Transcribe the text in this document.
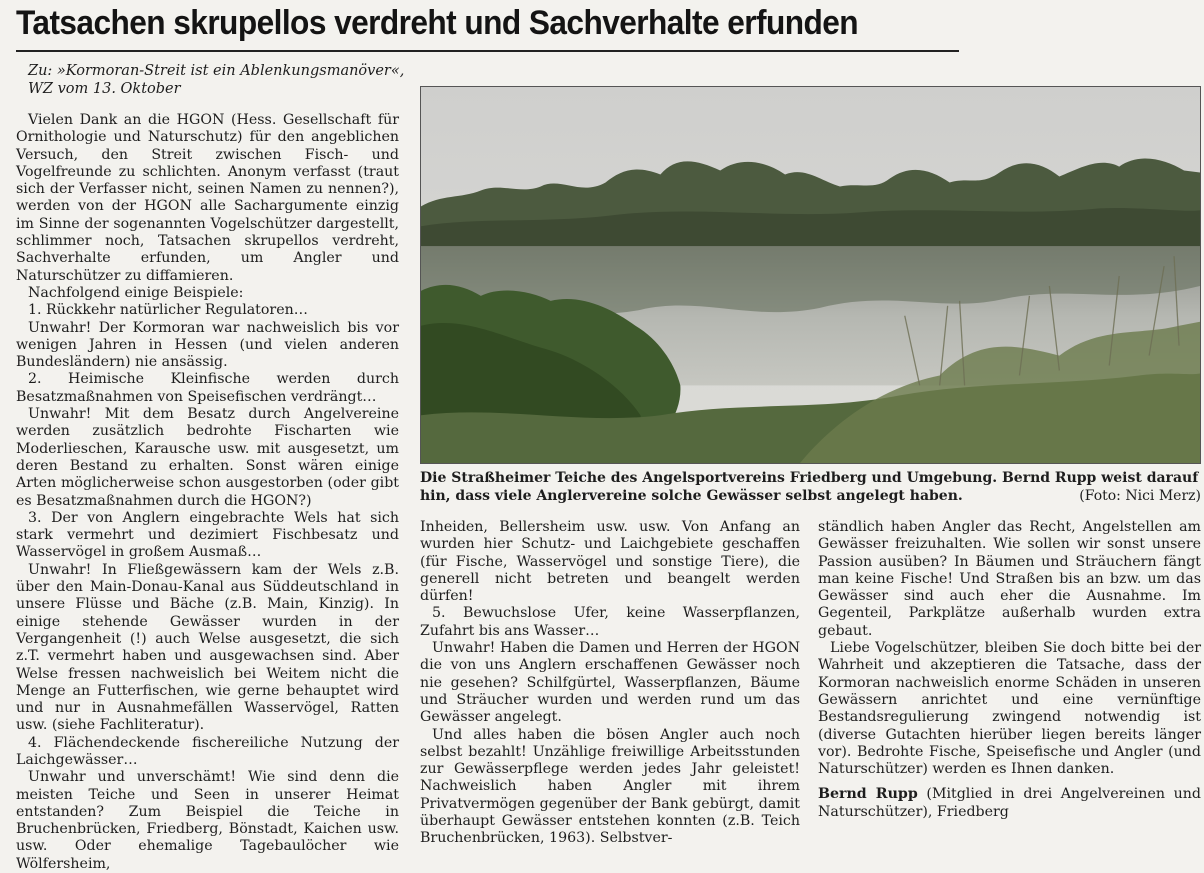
Tatsachen skrupellos verdreht und Sachverhalte erfunden

Zu: »Kormoran-Streit ist ein Ablenkungsmanöver«, WZ vom 13. Oktober

Vielen Dank an die HGON (Hess. Gesellschaft für Ornithologie und Naturschutz) für den angeblichen Versuch, den Streit zwischen Fisch- und Vogelfreunde zu schlichten. Anonym verfasst (traut sich der Verfasser nicht, seinen Namen zu nennen?), werden von der HGON alle Sachargumente einzig im Sinne der sogenannten Vogelschützer dargestellt, schlimmer noch, Tatsachen skrupellos verdreht, Sachverhalte erfunden, um Angler und Naturschützer zu diffamieren.

Nachfolgend einige Beispiele:

1. Rückkehr natürlicher Regulatoren…

Unwahr! Der Kormoran war nachweislich bis vor wenigen Jahren in Hessen (und vielen anderen Bundesländern) nie ansässig.

2. Heimische Kleinfische werden durch Besatzmaßnahmen von Speisefischen verdrängt…

Unwahr! Mit dem Besatz durch Angelvereine werden zusätzlich bedrohte Fischarten wie Moderlieschen, Karausche usw. mit ausgesetzt, um deren Bestand zu erhalten. Sonst wären einige Arten möglicherweise schon ausgestorben (oder gibt es Besatzmaßnahmen durch die HGON?)

3. Der von Anglern eingebrachte Wels hat sich stark vermehrt und dezimiert Fischbesatz und Wasservögel in großem Ausmaß…

Unwahr! In Fließgewässern kam der Wels z.B. über den Main-Donau-Kanal aus Süddeutschland in unsere Flüsse und Bäche (z.B. Main, Kinzig). In einige stehende Gewässer wurden in der Vergangenheit (!) auch Welse ausgesetzt, die sich z.T. vermehrt haben und ausgewachsen sind. Aber Welse fressen nachweislich bei Weitem nicht die Menge an Futterfischen, wie gerne behauptet wird und nur in Ausnahmefällen Wasservögel, Ratten usw. (siehe Fachliteratur).

4. Flächendeckende fischereiliche Nutzung der Laichgewässer…

Unwahr und unverschämt! Wie sind denn die meisten Teiche und Seen in unserer Heimat entstanden? Zum Beispiel die Teiche in Bruchenbrücken, Friedberg, Bönstadt, Kaichen usw. usw. Oder ehemalige Tagebaulöcher wie Wölfersheim,

Die Straßheimer Teiche des Angelsportvereins Friedberg und Umgebung. Bernd Rupp weist darauf hin, dass viele Anglervereine solche Gewässer selbst angelegt haben.	(Foto: Nici Merz)

Inheiden, Bellersheim usw. usw. Von Anfang an wurden hier Schutz- und Laichgebiete geschaffen (für Fische, Wasservögel und sonstige Tiere), die generell nicht betreten und beangelt werden dürfen!

5. Bewuchslose Ufer, keine Wasserpflanzen, Zufahrt bis ans Wasser…

Unwahr! Haben die Damen und Herren der HGON die von uns Anglern erschaffenen Gewässer noch nie gesehen? Schilfgürtel, Wasserpflanzen, Bäume und Sträucher wurden und werden rund um das Gewässer angelegt.

Und alles haben die bösen Angler auch noch selbst bezahlt! Unzählige freiwillige Arbeitsstunden zur Gewässerpflege werden jedes Jahr geleistet! Nachweislich haben Angler mit ihrem Privatvermögen gegenüber der Bank gebürgt, damit überhaupt Gewässer entstehen konnten (z.B. Teich Bruchenbrücken, 1963). Selbstver-

ständlich haben Angler das Recht, Angelstellen am Gewässer freizuhalten. Wie sollen wir sonst unsere Passion ausüben? In Bäumen und Sträuchern fängt man keine Fische! Und Straßen bis an bzw. um das Gewässer sind auch eher die Ausnahme. Im Gegenteil, Parkplätze außerhalb wurden extra gebaut.

Liebe Vogelschützer, bleiben Sie doch bitte bei der Wahrheit und akzeptieren die Tatsache, dass der Kormoran nachweislich enorme Schäden in unseren Gewässern anrichtet und eine vernünftige Bestandsregulierung zwingend notwendig ist (diverse Gutachten hierüber liegen bereits länger vor). Bedrohte Fische, Speisefische und Angler (und Naturschützer) werden es Ihnen danken.

Bernd Rupp (Mitglied in drei Angelvereinen und Naturschützer), Friedberg
